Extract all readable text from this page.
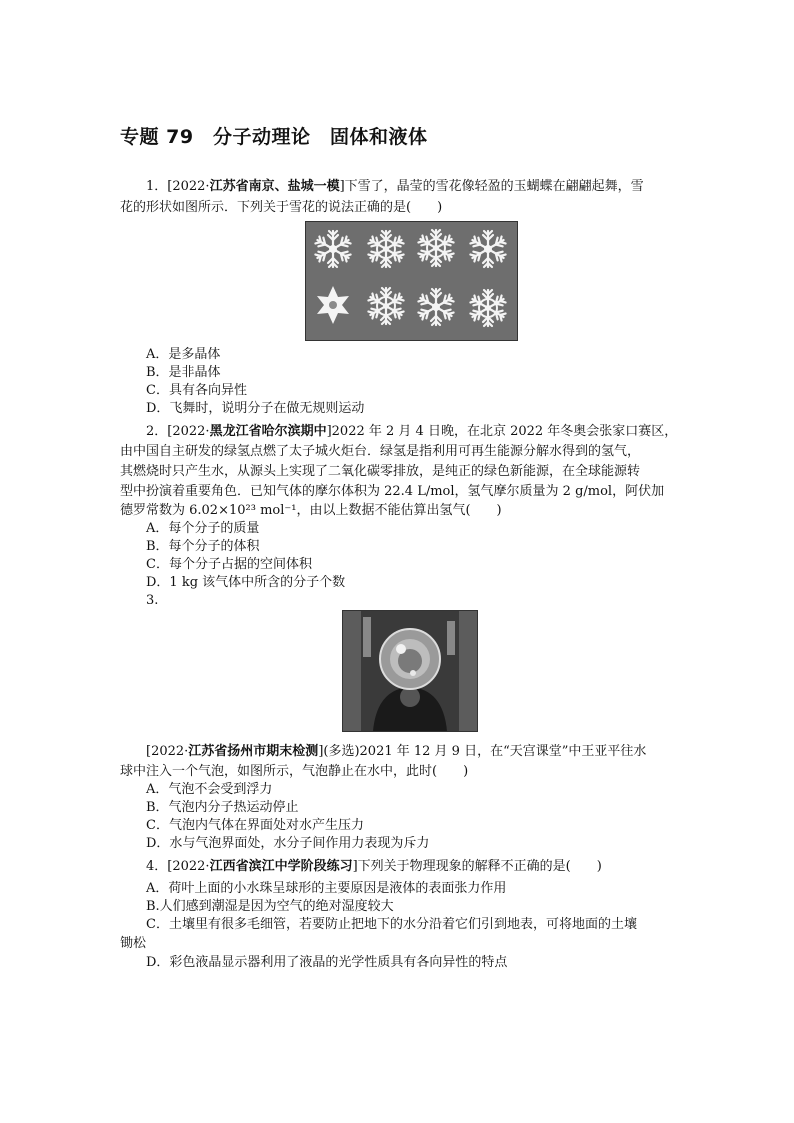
专题 79　分子动理论　固体和液体
1．[2022·江苏省南京、盐城一模]下雪了，晶莹的雪花像轻盈的玉蝴蝶在翩翩起舞，雪
花的形状如图所示．下列关于雪花的说法正确的是(　　)
A．是多晶体
B．是非晶体
C．具有各向异性
D．飞舞时，说明分子在做无规则运动
2．[2022·黑龙江省哈尔滨期中]2022 年 2 月 4 日晚，在北京 2022 年冬奥会张家口赛区，
由中国自主研发的绿氢点燃了太子城火炬台．绿氢是指利用可再生能源分解水得到的氢气，
其燃烧时只产生水，从源头上实现了二氧化碳零排放，是纯正的绿色新能源，在全球能源转
型中扮演着重要角色．已知气体的摩尔体积为 22.4 L/mol，氢气摩尔质量为 2 g/mol，阿伏加
德罗常数为 6.02×10²³ mol⁻¹，由以上数据不能估算出氢气(　　)
A．每个分子的质量
B．每个分子的体积
C．每个分子占据的空间体积
D．1 kg 该气体中所含的分子个数
3.
[2022·江苏省扬州市期末检测](多选)2021 年 12 月 9 日，在“天宫课堂”中王亚平往水
球中注入一个气泡，如图所示，气泡静止在水中，此时(　　)
A．气泡不会受到浮力
B．气泡内分子热运动停止
C．气泡内气体在界面处对水产生压力
D．水与气泡界面处，水分子间作用力表现为斥力
4．[2022·江西省滨江中学阶段练习]下列关于物理现象的解释不正确的是(　　)
A．荷叶上面的小水珠呈球形的主要原因是液体的表面张力作用
B.人们感到潮湿是因为空气的绝对湿度较大
C．土壤里有很多毛细管，若要防止把地下的水分沿着它们引到地表，可将地面的土壤
锄松
D．彩色液晶显示器利用了液晶的光学性质具有各向异性的特点
